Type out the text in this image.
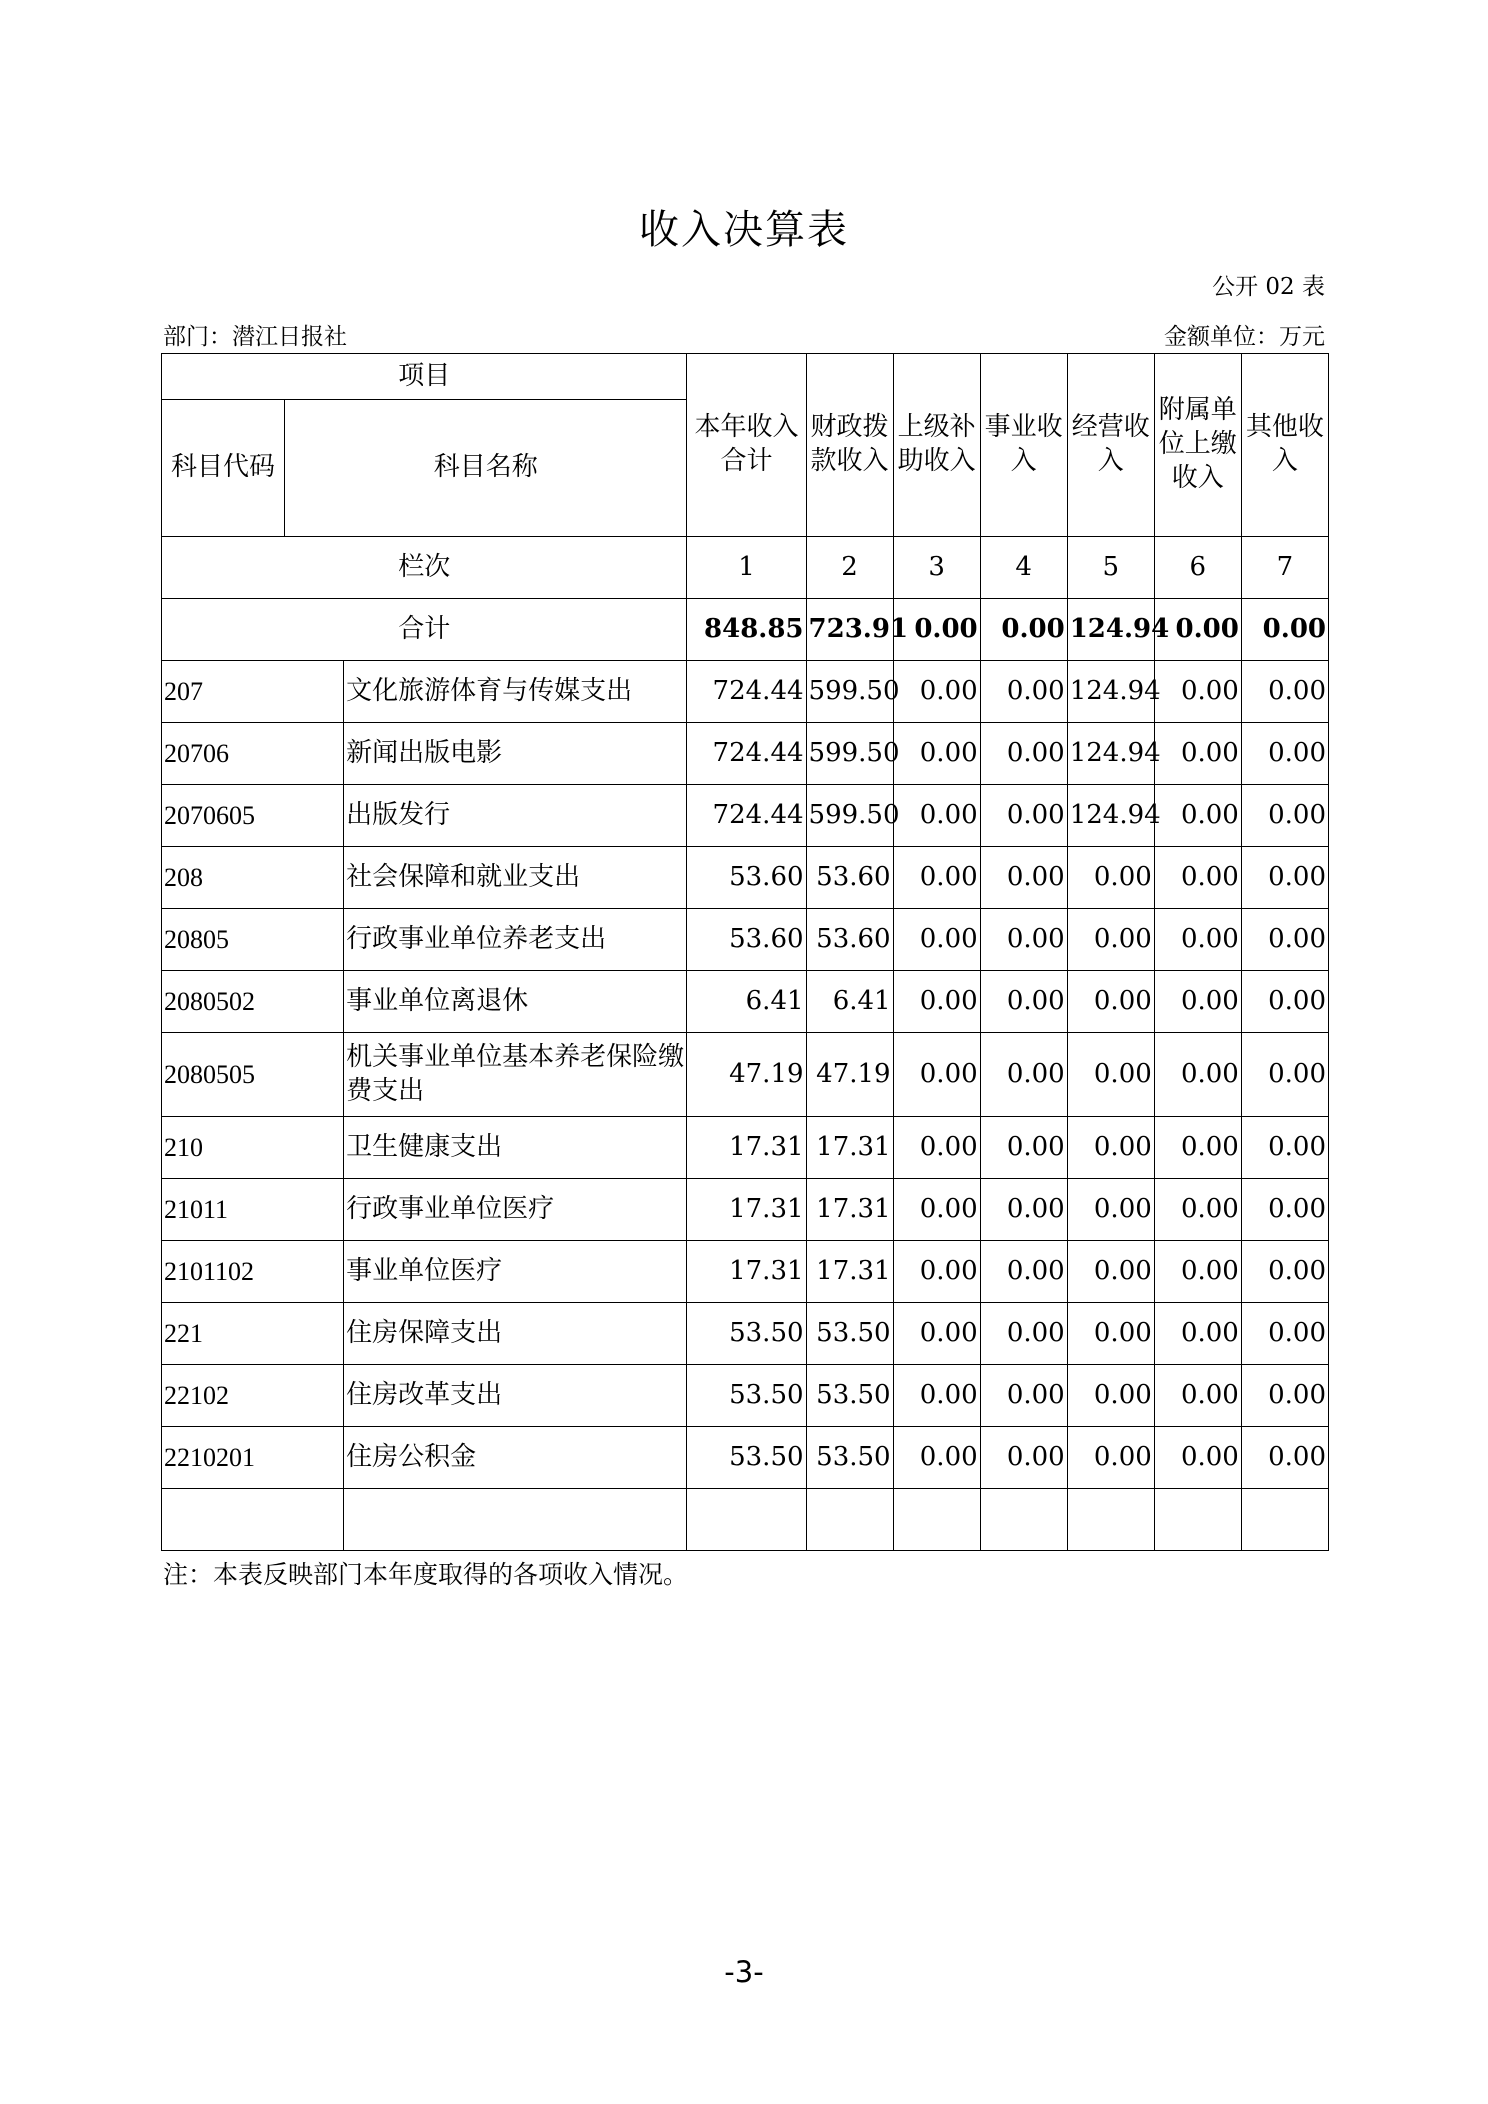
收入决算表
公开 02 表
部门：潜江日报社	金额单位：万元
项目			本年收入合计	财政拨款收入	上级补助收入	事业收入	经营收入	附属单位上缴收入	其他收入
科目代码	科目名称								
栏次			1	2	3	4	5	6	7
合计			848.85	723.91	0.00	0.00	124.94	0.00	0.00
207		文化旅游体育与传媒支出	724.44	599.50	0.00	0.00	124.94	0.00	0.00
20706		新闻出版电影	724.44	599.50	0.00	0.00	124.94	0.00	0.00
2070605		出版发行	724.44	599.50	0.00	0.00	124.94	0.00	0.00
208		社会保障和就业支出	53.60	53.60	0.00	0.00	0.00	0.00	0.00
20805		行政事业单位养老支出	53.60	53.60	0.00	0.00	0.00	0.00	0.00
2080502		事业单位离退休	6.41	6.41	0.00	0.00	0.00	0.00	0.00
2080505		机关事业单位基本养老保险缴费支出	47.19	47.19	0.00	0.00	0.00	0.00	0.00
210		卫生健康支出	17.31	17.31	0.00	0.00	0.00	0.00	0.00
21011		行政事业单位医疗	17.31	17.31	0.00	0.00	0.00	0.00	0.00
2101102		事业单位医疗	17.31	17.31	0.00	0.00	0.00	0.00	0.00
221		住房保障支出	53.50	53.50	0.00	0.00	0.00	0.00	0.00
22102		住房改革支出	53.50	53.50	0.00	0.00	0.00	0.00	0.00
2210201		住房公积金	53.50	53.50	0.00	0.00	0.00	0.00	0.00

注：本表反映部门本年度取得的各项收入情况。
-3-
